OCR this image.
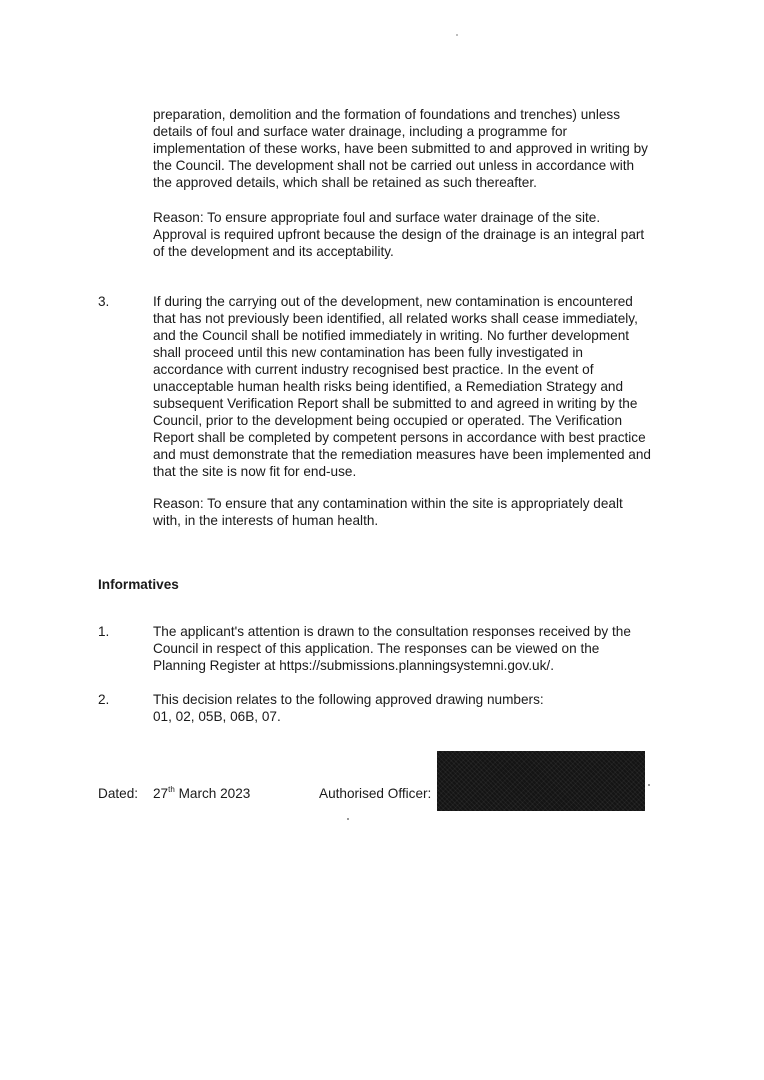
preparation, demolition and the formation of foundations and trenches) unless
details of foul and surface water drainage, including a programme for
implementation of these works, have been submitted to and approved in writing by
the Council. The development shall not be carried out unless in accordance with
the approved details, which shall be retained as such thereafter.

Reason: To ensure appropriate foul and surface water drainage of the site.
Approval is required upfront because the design of the drainage is an integral part
of the development and its acceptability.

3.	If during the carrying out of the development, new contamination is encountered
that has not previously been identified, all related works shall cease immediately,
and the Council shall be notified immediately in writing. No further development
shall proceed until this new contamination has been fully investigated in
accordance with current industry recognised best practice. In the event of
unacceptable human health risks being identified, a Remediation Strategy and
subsequent Verification Report shall be submitted to and agreed in writing by the
Council, prior to the development being occupied or operated. The Verification
Report shall be completed by competent persons in accordance with best practice
and must demonstrate that the remediation measures have been implemented and
that the site is now fit for end-use.

Reason: To ensure that any contamination within the site is appropriately dealt
with, in the interests of human health.

Informatives

1.	The applicant's attention is drawn to the consultation responses received by the
Council in respect of this application. The responses can be viewed on the
Planning Register at https://submissions.planningsystemni.gov.uk/.

2.	This decision relates to the following approved drawing numbers:
01, 02, 05B, 06B, 07.

Dated: 27th March 2023	Authorised Officer:
